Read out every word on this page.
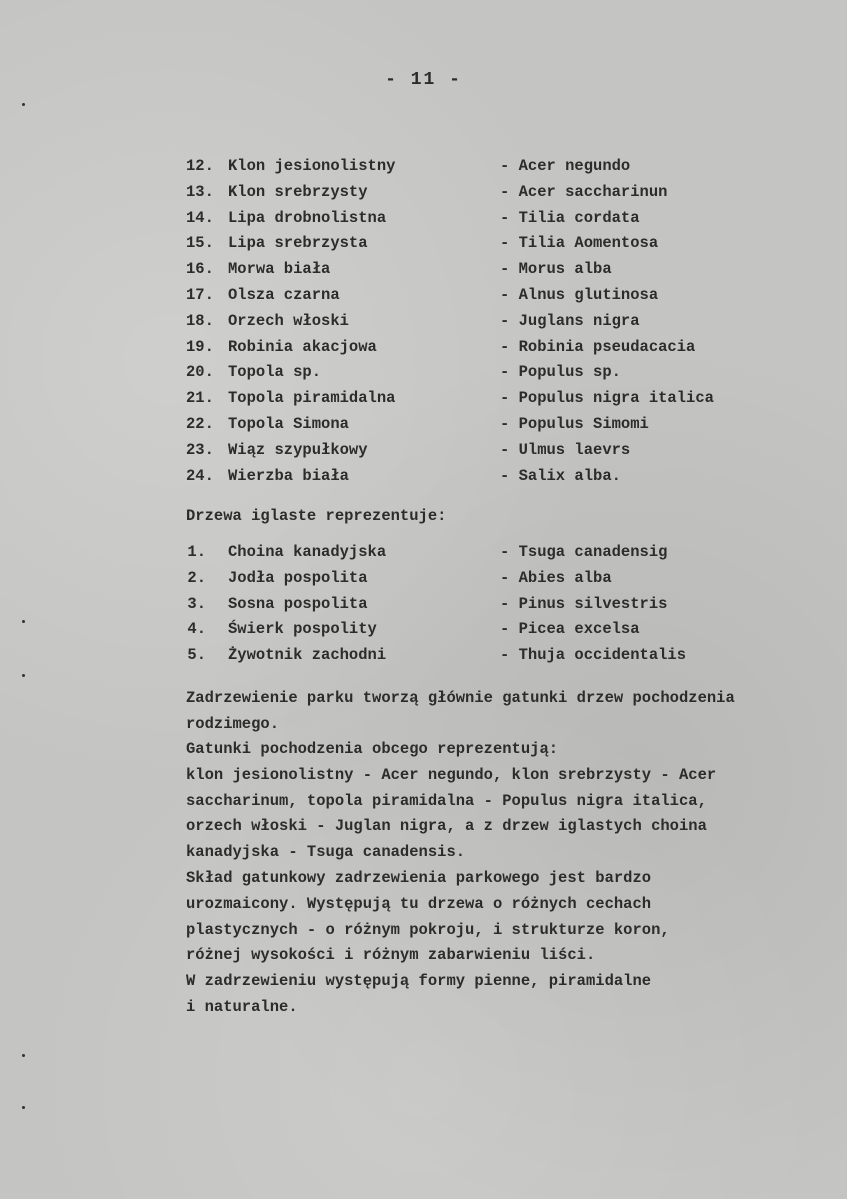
- 11 -
12. Klon jesionolistny	- Acer negundo
13. Klon srebrzysty	- Acer saccharinun
14. Lipa drobnolistna	- Tilia cordata
15. Lipa srebrzysta	- Tilia Aomentosa
16. Morwa biała	- Morus alba
17. Olsza czarna	- Alnus glutinosa
18. Orzech włoski	- Juglans nigra
19. Robinia akacjowa	- Robinia pseudacacia
20. Topola sp.	- Populus sp.
21. Topola piramidalna	- Populus nigra italica
22. Topola Simona	- Populus Simomi
23. Wiąz szypułkowy	- Ulmus laevrs
24. Wierzba biała	- Salix alba.
Drzewa iglaste reprezentuje:
1. Choina kanadyjska	- Tsuga canadensig
2. Jodła pospolita	- Abies alba
3. Sosna pospolita	- Pinus silvestris
4. Świerk pospolity	- Picea excelsa
5. Żywotnik zachodni	- Thuja occidentalis
Zadrzewienie parku tworzą głównie gatunki drzew pochodzenia
rodzimego.
Gatunki pochodzenia obcego reprezentują:
klon jesionolistny - Acer negundo, klon srebrzysty - Acer
saccharinum, topola piramidalna - Populus nigra italica,
orzech włoski - Juglan nigra, a z drzew iglastych choina
kanadyjska - Tsuga canadensis.
Skład gatunkowy zadrzewienia parkowego jest bardzo
urozmaicony. Występują tu drzewa o różnych cechach
plastycznych - o różnym pokroju, i strukturze koron,
różnej wysokości i różnym zabarwieniu liści.
W zadrzewieniu występują formy pienne, piramidalne
i naturalne.
